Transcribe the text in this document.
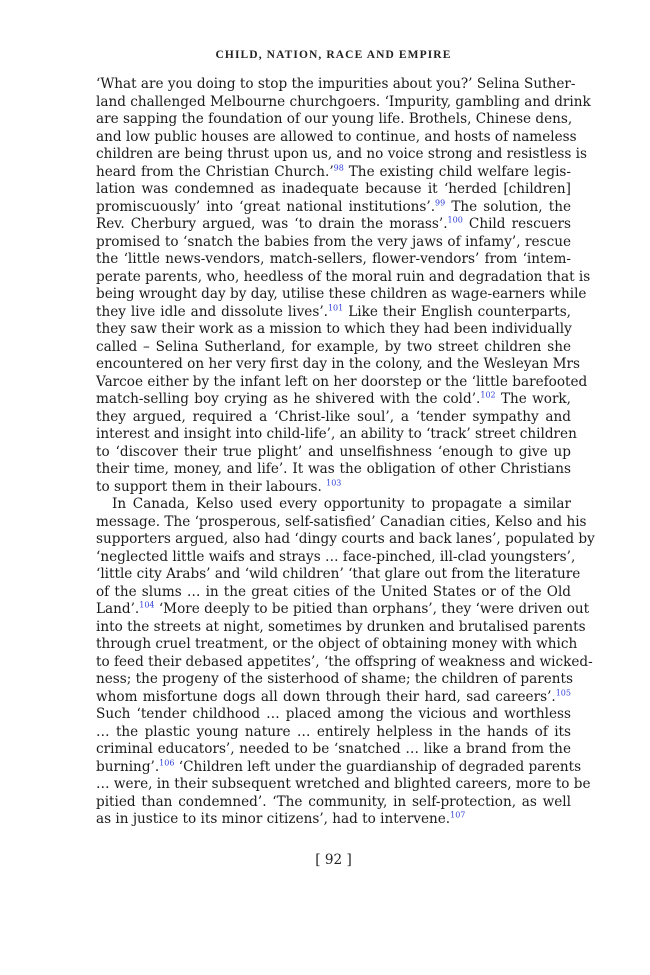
CHILD, NATION, RACE AND EMPIRE
‘What are you doing to stop the impurities about you?’ Selina Suther-
land challenged Melbourne churchgoers. ‘Impurity, gambling and drink
are sapping the foundation of our young life. Brothels, Chinese dens,
and low public houses are allowed to continue, and hosts of nameless
children are being thrust upon us, and no voice strong and resistless is
heard from the Christian Church.’$^{98}$ The existing child welfare legis-
lation was condemned as inadequate because it ‘herded [children]
promiscuously’ into ‘great national institutions’.$^{99}$ The solution, the
Rev. Cherbury argued, was ‘to drain the morass’.$^{100}$ Child rescuers
promised to ‘snatch the babies from the very jaws of infamy’, rescue
the ‘little news-vendors, match-sellers, flower-vendors’ from ‘intem-
perate parents, who, heedless of the moral ruin and degradation that is
being wrought day by day, utilise these children as wage-earners while
they live idle and dissolute lives’.$^{101}$ Like their English counterparts,
they saw their work as a mission to which they had been individually
called – Selina Sutherland, for example, by two street children she
encountered on her very first day in the colony, and the Wesleyan Mrs
Varcoe either by the infant left on her doorstep or the ‘little barefooted
match-selling boy crying as he shivered with the cold’.$^{102}$ The work,
they argued, required a ‘Christ-like soul’, a ‘tender sympathy and
interest and insight into child-life’, an ability to ‘track’ street children
to ‘discover their true plight’ and unselfishness ‘enough to give up
their time, money, and life’. It was the obligation of other Christians
to support them in their labours. $^{103}$
In Canada, Kelso used every opportunity to propagate a similar
message. The ‘prosperous, self-satisfied’ Canadian cities, Kelso and his
supporters argued, also had ‘dingy courts and back lanes’, populated by
‘neglected little waifs and strays … face-pinched, ill-clad youngsters’,
‘little city Arabs’ and ‘wild children’ ‘that glare out from the literature
of the slums … in the great cities of the United States or of the Old
Land’.$^{104}$ ‘More deeply to be pitied than orphans’, they ‘were driven out
into the streets at night, sometimes by drunken and brutalised parents
through cruel treatment, or the object of obtaining money with which
to feed their debased appetites’, ‘the offspring of weakness and wicked-
ness; the progeny of the sisterhood of shame; the children of parents
whom misfortune dogs all down through their hard, sad careers’.$^{105}$
Such ‘tender childhood … placed among the vicious and worthless
… the plastic young nature … entirely helpless in the hands of its
criminal educators’, needed to be ‘snatched … like a brand from the
burning’.$^{106}$ ‘Children left under the guardianship of degraded parents
… were, in their subsequent wretched and blighted careers, more to be
pitied than condemned’. ‘The community, in self-protection, as well
as in justice to its minor citizens’, had to intervene.$^{107}$
[ 92 ]
